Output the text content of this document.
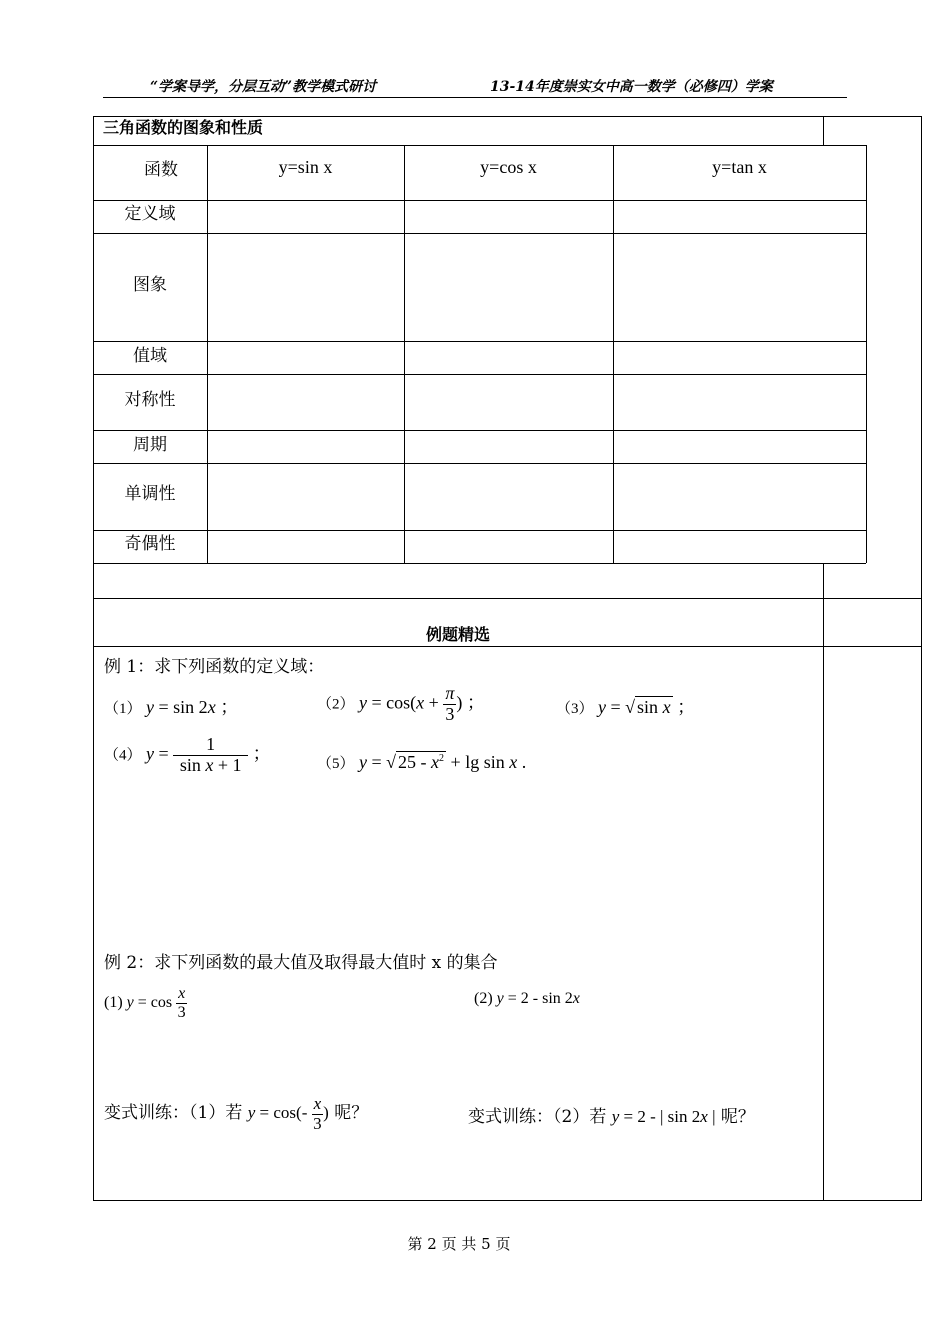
“学案导学，分层互动”教学模式研讨	13-14年度崇实女中高一数学（必修四）学案
三角函数的图象和性质
函数	y=sin x	y=cos x	y=tan x
定义域
图象
值域
对称性
周期
单调性
奇偶性
例题精选
例 1：求下列函数的定义域：
（1） y = sin 2x ；	（2） $y = \cos(x + \frac{\pi}{3}$ ) ；	（3） y = √ sin x ；
（4） $y = \frac{1}{\text{sin x + 1}}$ ；
（5） y = √ $25 - x^2 + \lg \sin x$ .
例 2：求下列函数的最大值及取得最大值时 x 的集合
(1) $y = \cos \frac{x}{3}$	(2) y = 2 - sin 2x
变式训练：（1）若 $y = \cos(- \frac{x}{3}$ ) 呢？	变式训练：（2）若 y = 2 - | sin 2x | 呢？
第 2 页 共 5 页
